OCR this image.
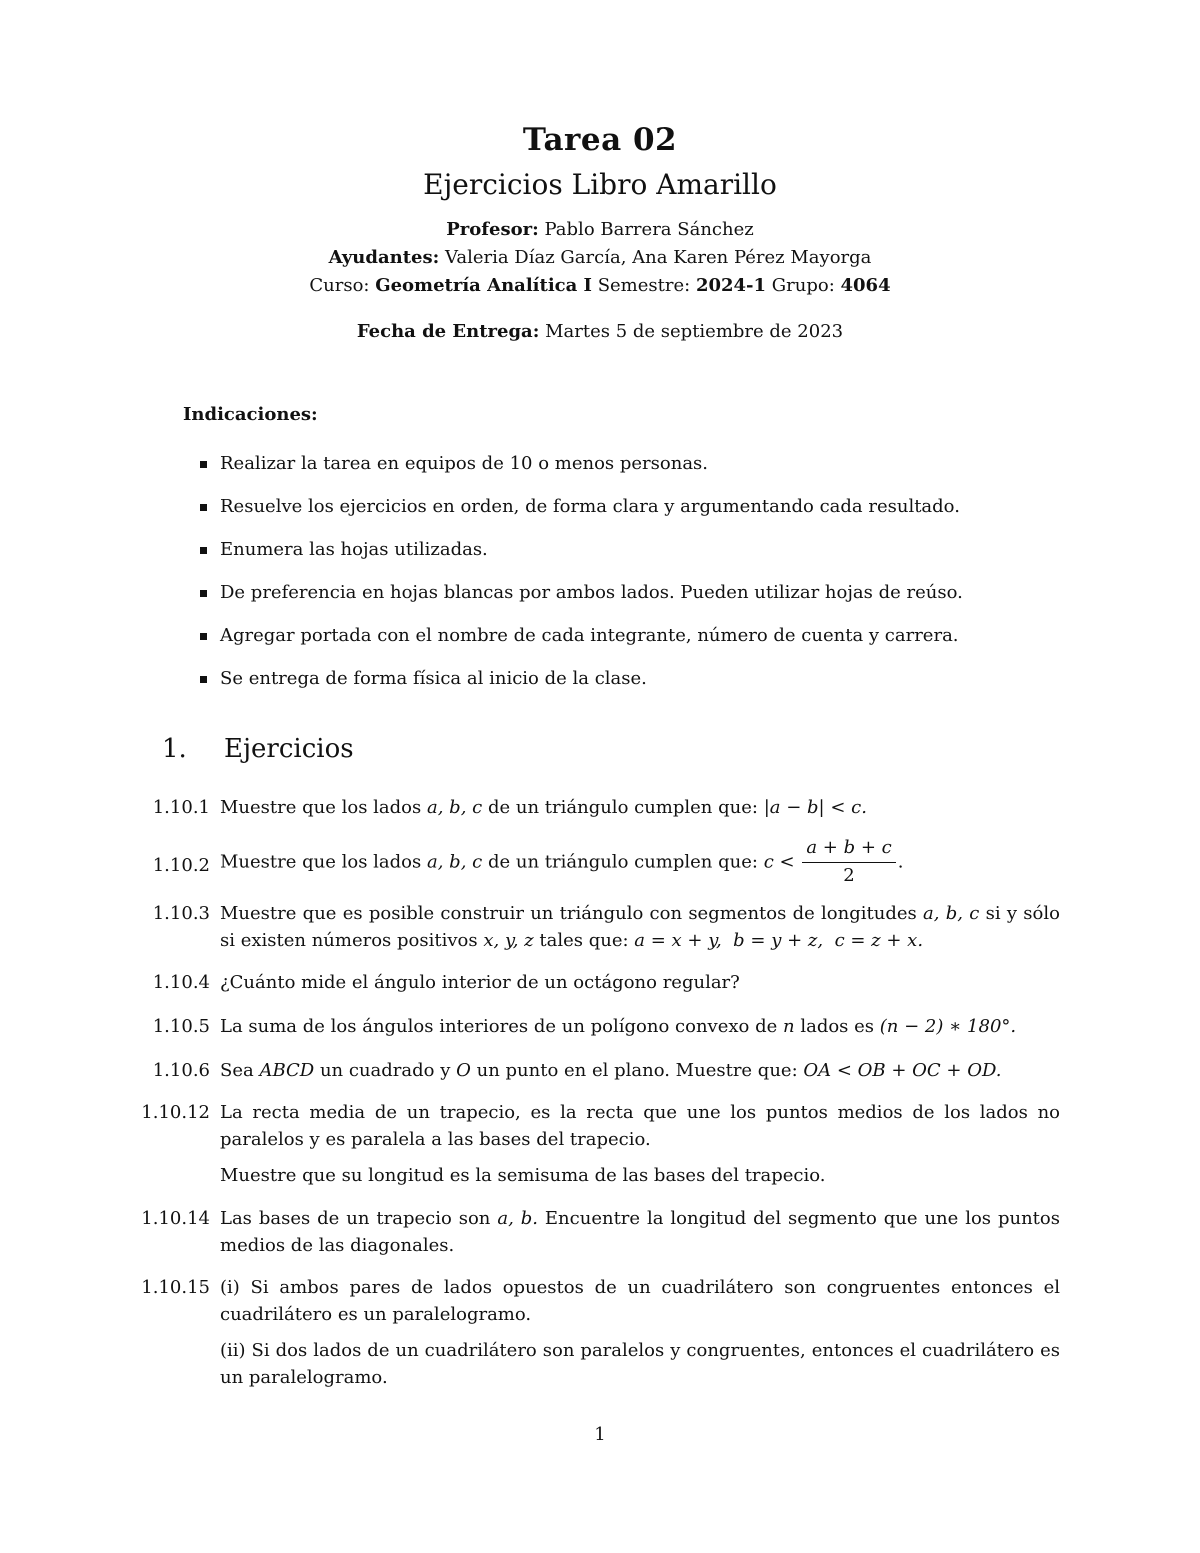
Tarea 02
Ejercicios Libro Amarillo
Profesor: Pablo Barrera Sánchez
Ayudantes: Valeria Díaz García, Ana Karen Pérez Mayorga
Curso: Geometría Analítica I Semestre: 2024-1 Grupo: 4064
Fecha de Entrega: Martes 5 de septiembre de 2023
Indicaciones:
Realizar la tarea en equipos de 10 o menos personas.
Resuelve los ejercicios en orden, de forma clara y argumentando cada resultado.
Enumera las hojas utilizadas.
De preferencia en hojas blancas por ambos lados. Pueden utilizar hojas de reúso.
Agregar portada con el nombre de cada integrante, número de cuenta y carrera.
Se entrega de forma física al inicio de la clase.
1. Ejercicios
1.10.1 Muestre que los lados a, b, c de un triángulo cumplen que: |a − b| < c.
1.10.2 Muestre que los lados a, b, c de un triángulo cumplen que: $c < \frac{a + b + c}{2}$ .
1.10.3 Muestre que es posible construir un triángulo con segmentos de longitudes a, b, c si y sólo si existen números positivos x, y, z tales que: a = x + y,  b = y + z,  c = z + x.
1.10.4 ¿Cuánto mide el ángulo interior de un octágono regular?
1.10.5 La suma de los ángulos interiores de un polígono convexo de n lados es (n − 2) ∗ 180°.
1.10.6 Sea ABCD un cuadrado y O un punto en el plano. Muestre que: OA < OB + OC + OD.
1.10.12 La recta media de un trapecio, es la recta que une los puntos medios de los lados no paralelos y es paralela a las bases del trapecio.

Muestre que su longitud es la semisuma de las bases del trapecio.

1.10.14 Las bases de un trapecio son a, b. Encuentre la longitud del segmento que une los puntos medios de las diagonales.
1.10.15 (i) Si ambos pares de lados opuestos de un cuadrilátero son congruentes entonces el cuadrilátero es un paralelogramo.

(ii) Si dos lados de un cuadrilátero son paralelos y congruentes, entonces el cuadrilátero es un paralelogramo.

1
